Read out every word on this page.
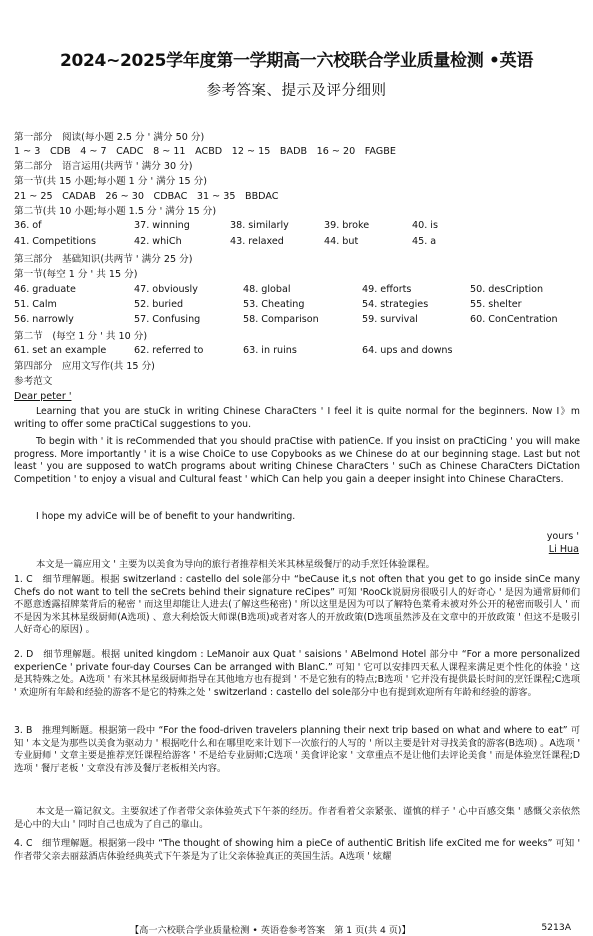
2024~2025学年度第一学期高一六校联合学业质量检测 •英语
参考答案、提示及评分细则
第一部分　阅读(每小题 2.5 分 ' 满分 50 分)
1 ~ 3　CDB　4 ~ 7　CADC　8 ~ 11　ACBD　12 ~ 15　BADB　16 ~ 20　FAGBE
第二部分　语言运用(共两节 ' 满分 30 分)
第一节(共 15 小题;每小题 1 分 ' 满分 15 分)
21 ~ 25　CADAB　26 ~ 30　CDBAC　31 ~ 35　BBDAC
第二节(共 10 小题;每小题 1.5 分 ' 满分 15 分)
36. of	37. winning	38. similarly	39. broke	40. is
41. Competitions	42. whiCh	43. relaxed	44. but	45. a
第三部分　基础知识(共两节 ' 满分 25 分)
第一节(每空 1 分 ' 共 15 分)
46. graduate	47. obviously	48. global	49. efforts	50. desCription
51. Calm	52. buried	53. Cheating	54. strategies	55. shelter
56. narrowly	57. Confusing	58. Comparison	59. survival	60. ConCentration
第二节　(每空 1 分 ' 共 10 分)
61. set an example	62. referred to	63. in ruins	64. ups and downs
第四部分　应用文写作(共 15 分)
参考范文
Dear peter '
Learning that you are stuCk in writing Chinese CharaCters ' I feel it is quite normal for the beginners. Now I》m writing to offer some praCtiCal suggestions to you.
To begin with ' it is reCommended that you should praCtise with patienCe. If you insist on praCtiCing ' you will make progress. More importantly ' it is a wise ChoiCe to use Copybooks as we Chinese do at our beginning stage. Last but not least ' you are supposed to watCh programs about writing Chinese CharaCters ' suCh as Chinese CharaCters DiCtation Competition ' to enjoy a visual and Cultural feast ' whiCh Can help you gain a deeper insight into Chinese CharaCters.
I hope my adviCe will be of benefit to your handwriting.
yours '
Li Hua
本文是一篇应用文 ' 主要为以美食为导向的旅行者推荐相关米其林星级餐厅的动手烹饪体验课程。
1. C　细节理解题。根据 switzerland : castello del sole部分中 “beCause it,s not often that you get to go inside sinCe many Chefs do not want to tell the seCrets behind their signature reCipes” 可知 'RooCk说厨房很吸引人的好奇心 ' 是因为通常厨师们不愿意透露招牌菜背后的秘密 ' 而这里却能让人进去(了解这些秘密) ' 所以这里是因为可以了解特色菜肴未被对外公开的秘密而吸引人 ' 而不是因为米其林星级厨师(A选项) 、意大利烩饭大师课(B选项)或者对客人的开放政策(D选项虽然涉及在文章中的开放政策 ' 但这不是吸引人好奇心的原因) 。
2. D　细节理解题。根据 united kingdom : LeManoir aux Quat ' saisions ' ABelmond Hotel 部分中 “For a more personalized experienCe ' private four-day Courses Can be arranged with BlanC.” 可知 ' 它可以安排四天私人课程来满足更个性化的体验 ' 这是其特殊之处。A选项 ' 有米其林星级厨师指导在其他地方也有提到 ' 不是它独有的特点;B选项 ' 它并没有提供最长时间的烹饪课程;C选项 ' 欢迎所有年龄和经验的游客不是它的特殊之处 ' switzerland : castello del sole部分中也有提到欢迎所有年龄和经验的游客。
3. B　推理判断题。根据第一段中 “For the food-driven travelers planning their next trip based on what and where to eat” 可知 ' 本文是为那些以美食为驱动力 ' 根据吃什么和在哪里吃来计划下一次旅行的人写的 ' 所以主要是针对寻找美食的游客(B选项) 。A选项 ' 专业厨师 ' 文章主要是推荐烹饪课程给游客 ' 不是给专业厨师;C选项 ' 美食评论家 ' 文章重点不是让他们去评论美食 ' 而是体验烹饪课程;D选项 ' 餐厅老板 ' 文章没有涉及餐厅老板相关内容。
本文是一篇记叙文。主要叙述了作者带父亲体验英式下午茶的经历。作者看着父亲紧张、谨慎的样子 ' 心中百感交集 ' 感慨父亲依然是心中的大山 ' 同时自己也成为了自己的靠山。
4. C　细节理解题。根据第一段中 “The thought of showing him a pieCe of authentiC British life exCited me for weeks” 可知 ' 作者带父亲去丽兹酒店体验经典英式下午茶是为了让父亲体验真正的英国生活。A选项 ' 炫耀
【高一六校联合学业质量检测 • 英语卷参考答案　第 1 页(共 4 页)】	5213A
